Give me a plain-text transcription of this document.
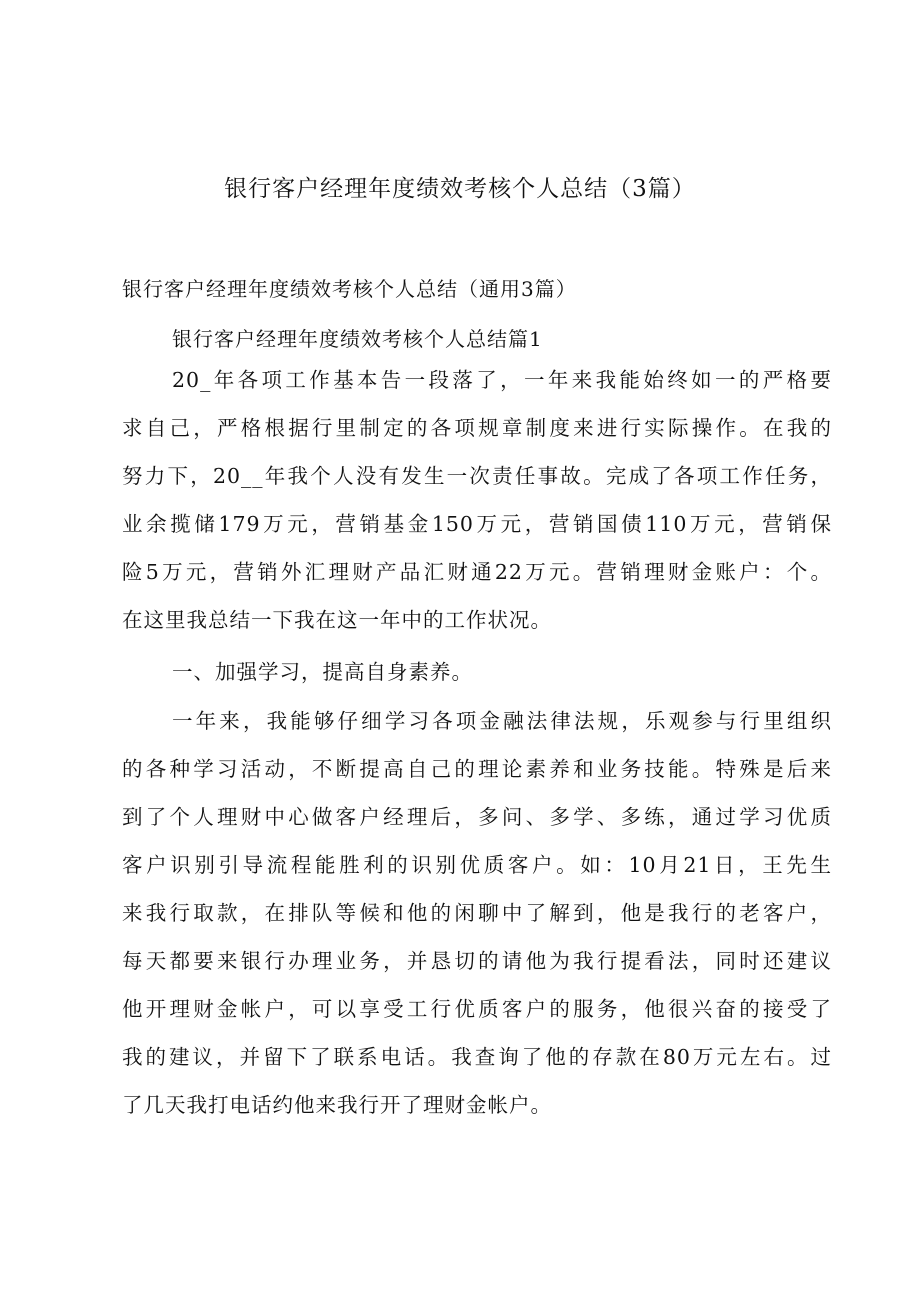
银行客户经理年度绩效考核个人总结（3篇）
银行客户经理年度绩效考核个人总结（通用3篇）
银行客户经理年度绩效考核个人总结篇1
20_年各项工作基本告一段落了，一年来我能始终如一的严格要
求自己，严格根据行里制定的各项规章制度来进行实际操作。在我的
努力下，20__年我个人没有发生一次责任事故。完成了各项工作任务，
业余揽储179万元，营销基金150万元，营销国债110万元，营销保
险5万元，营销外汇理财产品汇财通22万元。营销理财金账户：个。
在这里我总结一下我在这一年中的工作状况。
一、加强学习，提高自身素养。
一年来，我能够仔细学习各项金融法律法规，乐观参与行里组织
的各种学习活动，不断提高自己的理论素养和业务技能。特殊是后来
到了个人理财中心做客户经理后，多问、多学、多练，通过学习优质
客户识别引导流程能胜利的识别优质客户。如：10月21日，王先生
来我行取款，在排队等候和他的闲聊中了解到，他是我行的老客户，
每天都要来银行办理业务，并恳切的请他为我行提看法，同时还建议
他开理财金帐户，可以享受工行优质客户的服务，他很兴奋的接受了
我的建议，并留下了联系电话。我查询了他的存款在80万元左右。过
了几天我打电话约他来我行开了理财金帐户。
